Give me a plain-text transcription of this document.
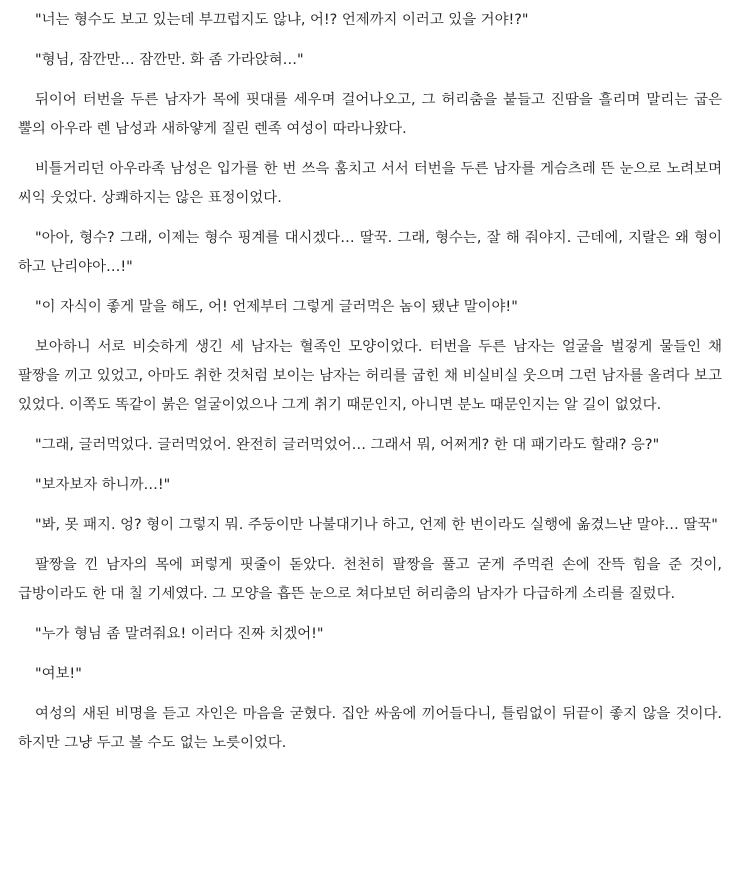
"너는 형수도 보고 있는데 부끄럽지도 않냐, 어!? 언제까지 이러고 있을 거야!?"

"형님, 잠깐만… 잠깐만. 화 좀 가라앉혀…"

뒤이어 터번을 두른 남자가 목에 핏대를 세우며 걸어나오고, 그 허리춤을 붙들고 진땀을 흘리며 말리는 굽은 뿔의 아우라 렌 남성과 새하얗게 질린 렌족 여성이 따라나왔다.

비틀거리던 아우라족 남성은 입가를 한 번 쓰윽 훔치고 서서 터번을 두른 남자를 게슴츠레 뜬 눈으로 노려보며 씨익 웃었다. 상쾌하지는 않은 표정이었다.

"아아, 형수? 그래, 이제는 형수 핑계를 대시겠다… 딸꾹. 그래, 형수는, 잘 해 줘야지. 근데에, 지랄은 왜 형이 하고 난리야아…!"

"이 자식이 좋게 말을 해도, 어! 언제부터 그렇게 글러먹은 놈이 됐냔 말이야!"

보아하니 서로 비슷하게 생긴 세 남자는 혈족인 모양이었다. 터번을 두른 남자는 얼굴을 벌겋게 물들인 채 팔짱을 끼고 있었고, 아마도 취한 것처럼 보이는 남자는 허리를 굽힌 채 비실비실 웃으며 그런 남자를 올려다 보고 있었다. 이쪽도 똑같이 붉은 얼굴이었으나 그게 취기 때문인지, 아니면 분노 때문인지는 알 길이 없었다.

"그래, 글러먹었다. 글러먹었어. 완전히 글러먹었어… 그래서 뭐, 어쩌게? 한 대 패기라도 할래? 응?"

"보자보자 하니까…!"

"봐, 못 패지. 엉? 형이 그렇지 뭐. 주둥이만 나불대기나 하고, 언제 한 번이라도 실행에 옮겼느냔 말야… 딸꾹"

팔짱을 낀 남자의 목에 퍼렇게 핏줄이 돋았다. 천천히 팔짱을 풀고 굳게 주먹쥔 손에 잔뜩 힘을 준 것이, 급방이라도 한 대 칠 기세였다. 그 모양을 흡뜬 눈으로 쳐다보던 허리춤의 남자가 다급하게 소리를 질렀다.

"누가 형님 좀 말려줘요! 이러다 진짜 치겠어!"

"여보!"

여성의 새된 비명을 듣고 자인은 마음을 굳혔다. 집안 싸움에 끼어들다니, 틀림없이 뒤끝이 좋지 않을 것이다. 하지만 그냥 두고 볼 수도 없는 노릇이었다.
